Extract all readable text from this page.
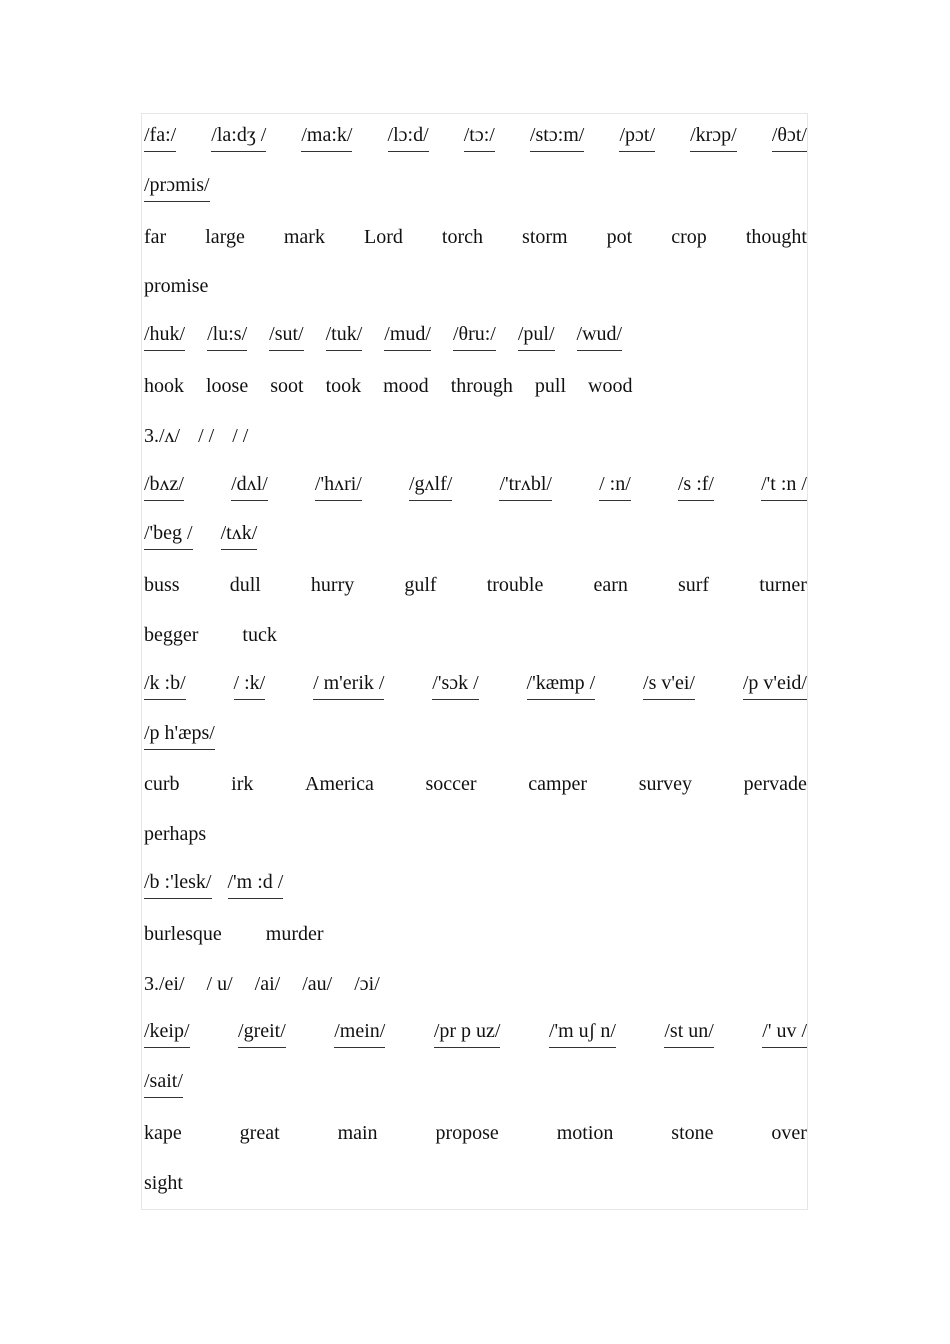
/fa:/ /la:dʒ / /ma:k/ /lɔ:d/ /tɔ:/ /stɔ:m/ /pɔt/ /krɔp/ /θɔt/
/prɔmis/
far large mark Lord torch storm pot crop thought
promise
/huk/ /lu:s/ /sut/ /tuk/ /mud/ /θru:/ /pul/ /wud/
hook loose soot took mood through pull wood
3./ʌ/ / / / /
/bʌz/ /dʌl/ /'hʌri/ /gʌlf/ /'trʌbl/ / :n/ /s :f/ /'t :n /
/'beg / /tʌk/
buss	dull	hurry	gulf	trouble	earn	surf	turner
begger tuck
/k :b/ / :k/ / m'erik / /'sɔk / /'kæmp / /s v'ei/ /p v'eid/
/p h'æps/
curb	irk	America	soccer	camper	survey	pervade
perhaps
/b :'lesk/ /'m :d /
burlesque murder
3./ei/ / u/ /ai/ /au/ /ɔi/
/keip/ /greit/ /mein/ /pr p uz/ /'m uʃ n/ /st un/ /' uv /
/sait/
kape	great	main	propose	motion	stone	over
sight
